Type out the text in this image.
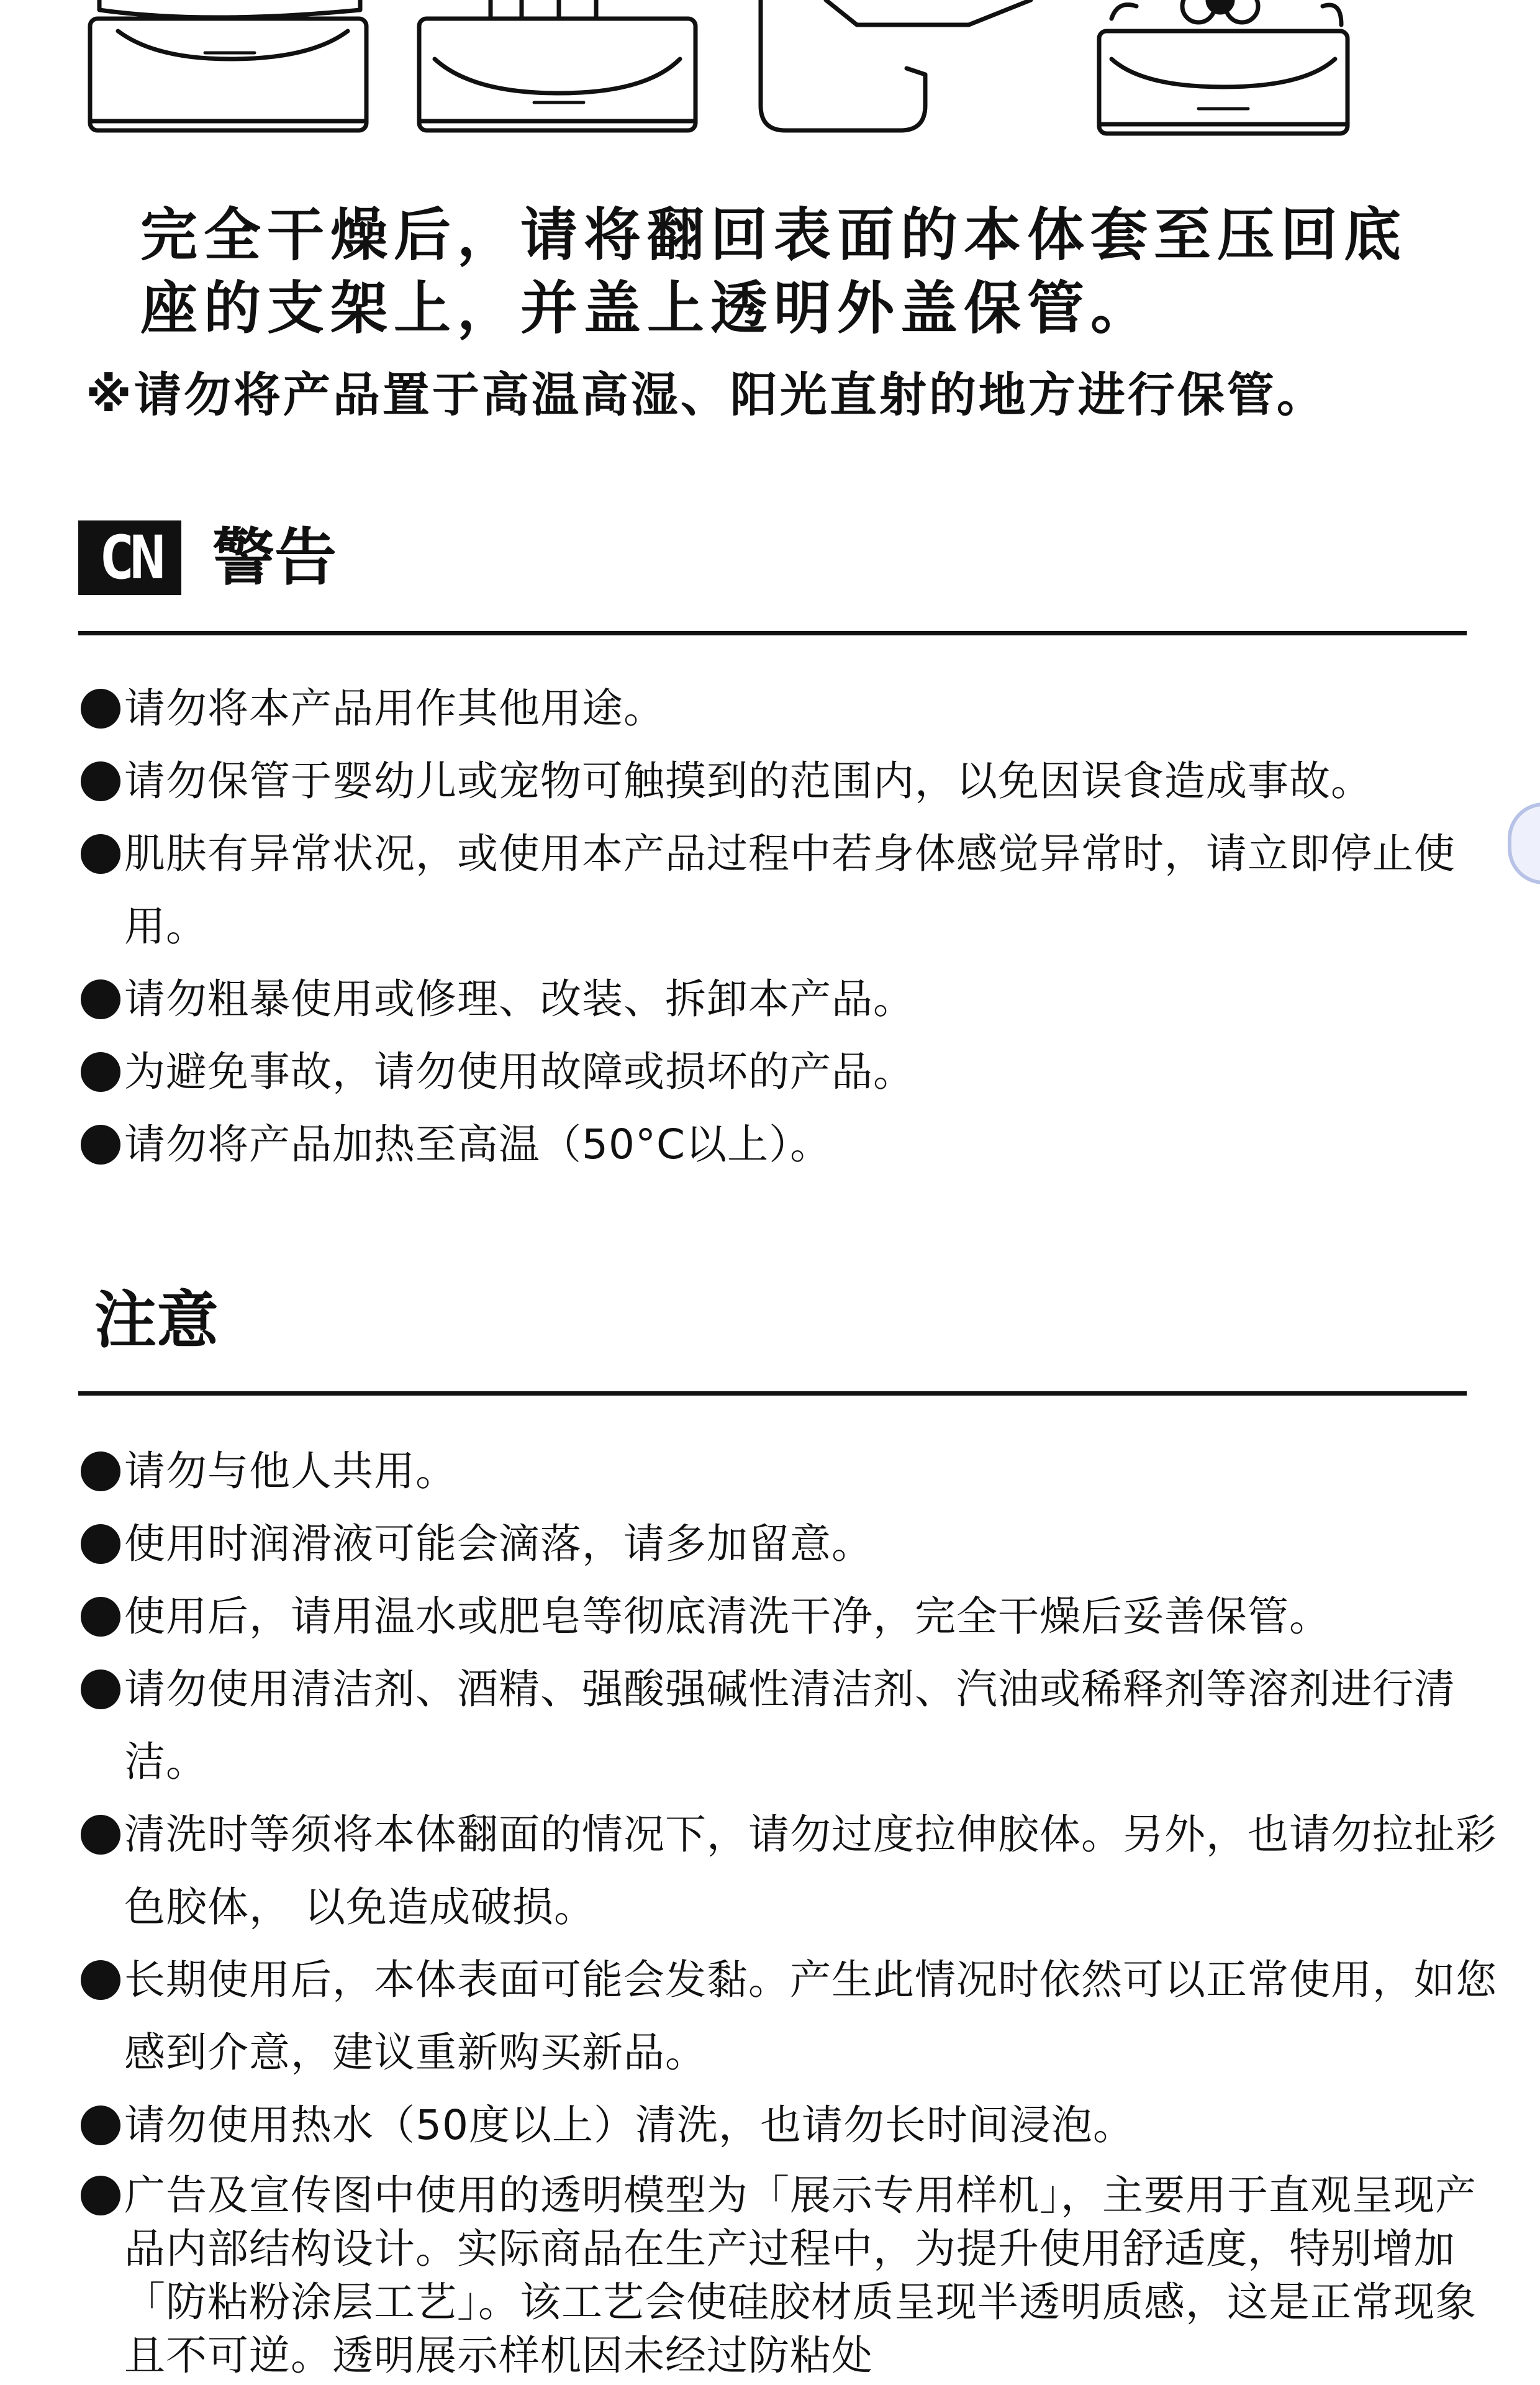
完全干燥后，请将翻回表面的本体套至压回底
座的支架上，并盖上透明外盖保管。
※请勿将产品置于高温高湿、阳光直射的地方进行保管。
CN 警告
请勿将本产品用作其他用途。
请勿保管于婴幼儿或宠物可触摸到的范围内，以免因误食造成事故。
肌肤有异常状况，或使用本产品过程中若身体感觉异常时，请立即停止使用。
请勿粗暴使用或修理、改装、拆卸本产品。
为避免事故，请勿使用故障或损坏的产品。
请勿将产品加热至高温（50°C以上）。
注意
请勿与他人共用。
使用时润滑液可能会滴落，请多加留意。
使用后，请用温水或肥皂等彻底清洗干净，完全干燥后妥善保管。
请勿使用清洁剂、酒精、强酸强碱性清洁剂、汽油或稀释剂等溶剂进行清洁。
清洗时等须将本体翻面的情况下，请勿过度拉伸胶体。另外，也请勿拉扯彩色胶体， 以免造成破损。
长期使用后，本体表面可能会发黏。产生此情况时依然可以正常使用，如您感到介意，建议重新购买新品。
请勿使用热水（50度以上）清洗，也请勿长时间浸泡。
广告及宣传图中使用的透明模型为「展示专用样机」，主要用于直观呈现产品内部结构设计。实际商品在生产过程中，为提升使用舒适度，特别增加「防粘粉涂层工艺」。该工艺会使硅胶材质呈现半透明质感，这是正常现象且不可逆。透明展示样机因未经过防粘处
